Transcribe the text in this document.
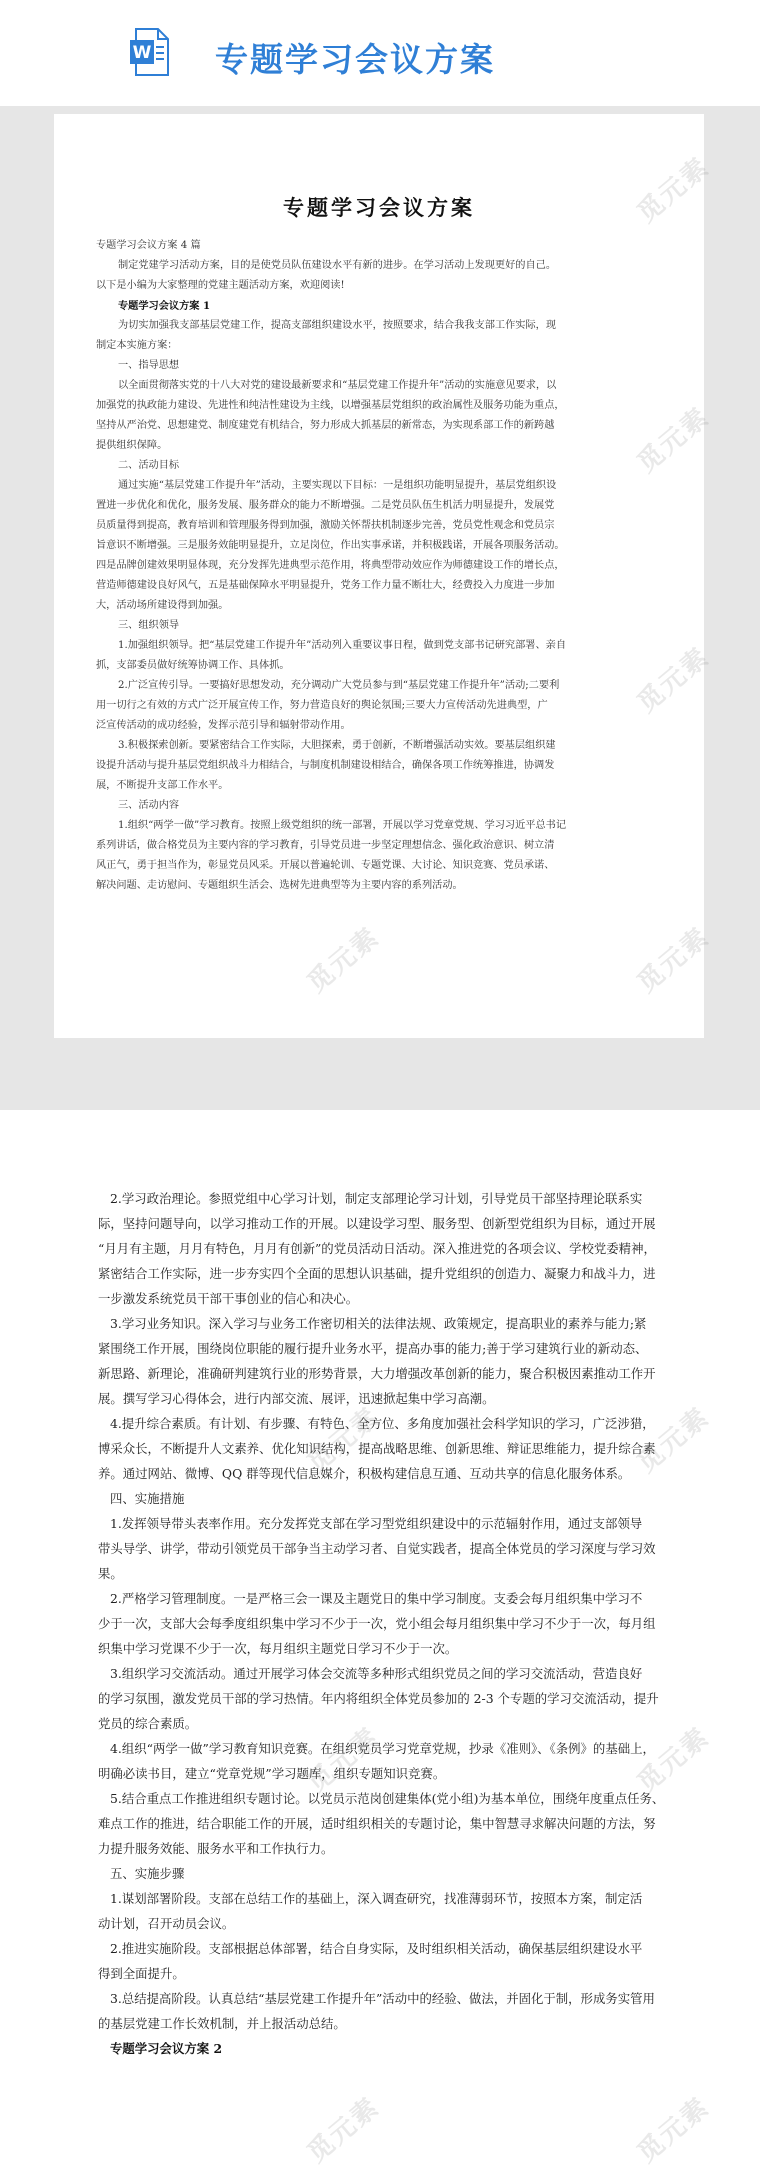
W 专题学习会议方案
专题学习会议方案
专题学习会议方案 4 篇
制定党建学习活动方案，目的是使党员队伍建设水平有新的进步。在学习活动上发现更好的自己。
以下是小编为大家整理的党建主题活动方案，欢迎阅读!
专题学习会议方案 1
为切实加强我支部基层党建工作，提高支部组织建设水平，按照要求，结合我我支部工作实际，现
制定本实施方案：
一、指导思想
以全面贯彻落实党的十八大对党的建设最新要求和“基层党建工作提升年”活动的实施意见要求，以
加强党的执政能力建设、先进性和纯洁性建设为主线，以增强基层党组织的政治属性及服务功能为重点，
坚持从严治党、思想建党、制度建党有机结合，努力形成大抓基层的新常态，为实现系部工作的新跨越
提供组织保障。
二、活动目标
通过实施“基层党建工作提升年”活动，主要实现以下目标：一是组织功能明显提升，基层党组织设
置进一步优化和优化，服务发展、服务群众的能力不断增强。二是党员队伍生机活力明显提升，发展党
员质量得到提高，教育培训和管理服务得到加强，激励关怀帮扶机制逐步完善，党员党性观念和党员宗
旨意识不断增强。三是服务效能明显提升，立足岗位，作出实事承诺，并积极践诺，开展各项服务活动。
四是品牌创建效果明显体现，充分发挥先进典型示范作用，将典型带动效应作为师德建设工作的增长点，
营造师德建设良好风气，五是基础保障水平明显提升，党务工作力量不断壮大，经费投入力度进一步加
大，活动场所建设得到加强。
三、组织领导
1.加强组织领导。把“基层党建工作提升年”活动列入重要议事日程，做到党支部书记研究部署、亲自
抓，支部委员做好统筹协调工作、具体抓。
2.广泛宣传引导。一要搞好思想发动，充分调动广大党员参与到“基层党建工作提升年”活动;二要利
用一切行之有效的方式广泛开展宣传工作，努力营造良好的舆论氛围;三要大力宣传活动先进典型，广
泛宣传活动的成功经验，发挥示范引导和辐射带动作用。
3.积极探索创新。要紧密结合工作实际，大胆探索，勇于创新，不断增强活动实效。要基层组织建
设提升活动与提升基层党组织战斗力相结合，与制度机制建设相结合，确保各项工作统筹推进，协调发
展，不断提升支部工作水平。
三、活动内容
1.组织“两学一做”学习教育。按照上级党组织的统一部署，开展以学习党章党规、学习习近平总书记
系列讲话，做合格党员为主要内容的学习教育，引导党员进一步坚定理想信念、强化政治意识、树立清
风正气，勇于担当作为，彰显党员风采。开展以普遍轮训、专题党课、大讨论、知识竞赛、党员承诺、
解决问题、走访慰问、专题组织生活会、选树先进典型等为主要内容的系列活动。
2.学习政治理论。参照党组中心学习计划，制定支部理论学习计划，引导党员干部坚持理论联系实
际，坚持问题导向，以学习推动工作的开展。以建设学习型、服务型、创新型党组织为目标，通过开展
“月月有主题，月月有特色，月月有创新”的党员活动日活动。深入推进党的各项会议、学校党委精神，
紧密结合工作实际，进一步夯实四个全面的思想认识基础，提升党组织的创造力、凝聚力和战斗力，进
一步激发系统党员干部干事创业的信心和决心。
3.学习业务知识。深入学习与业务工作密切相关的法律法规、政策规定，提高职业的素养与能力;紧
紧围绕工作开展，围绕岗位职能的履行提升业务水平，提高办事的能力;善于学习建筑行业的新动态、
新思路、新理论，准确研判建筑行业的形势背景，大力增强改革创新的能力，聚合积极因素推动工作开
展。撰写学习心得体会，进行内部交流、展评，迅速掀起集中学习高潮。
4.提升综合素质。有计划、有步骤、有特色、全方位、多角度加强社会科学知识的学习，广泛涉猎，
博采众长，不断提升人文素养、优化知识结构，提高战略思维、创新思维、辩证思维能力，提升综合素
养。通过网站、微博、QQ 群等现代信息媒介，积极构建信息互通、互动共享的信息化服务体系。
四、实施措施
1.发挥领导带头表率作用。充分发挥党支部在学习型党组织建设中的示范辐射作用，通过支部领导
带头导学、讲学，带动引领党员干部争当主动学习者、自觉实践者，提高全体党员的学习深度与学习效
果。
2.严格学习管理制度。一是严格三会一课及主题党日的集中学习制度。支委会每月组织集中学习不
少于一次，支部大会每季度组织集中学习不少于一次，党小组会每月组织集中学习不少于一次，每月组
织集中学习党课不少于一次，每月组织主题党日学习不少于一次。
3.组织学习交流活动。通过开展学习体会交流等多种形式组织党员之间的学习交流活动，营造良好
的学习氛围，激发党员干部的学习热情。年内将组织全体党员参加的 2-3 个专题的学习交流活动，提升
党员的综合素质。
4.组织“两学一做”学习教育知识竞赛。在组织党员学习党章党规，抄录《准则》、《条例》的基础上，
明确必读书目，建立“党章党规”学习题库，组织专题知识竞赛。
5.结合重点工作推进组织专题讨论。以党员示范岗创建集体(党小组)为基本单位，围绕年度重点任务、
难点工作的推进，结合职能工作的开展，适时组织相关的专题讨论，集中智慧寻求解决问题的方法，努
力提升服务效能、服务水平和工作执行力。
五、实施步骤
1.谋划部署阶段。支部在总结工作的基础上，深入调查研究，找准薄弱环节，按照本方案，制定活
动计划，召开动员会议。
2.推进实施阶段。支部根据总体部署，结合自身实际，及时组织相关活动，确保基层组织建设水平
得到全面提升。
3.总结提高阶段。认真总结“基层党建工作提升年”活动中的经验、做法，并固化于制，形成务实管用
的基层党建工作长效机制，并上报活动总结。
专题学习会议方案 2
觅元素
觅元素
觅元素
觅元素	觅元素
觅元素	觅元素
觅元素	觅元素
觅元素	觅元素
